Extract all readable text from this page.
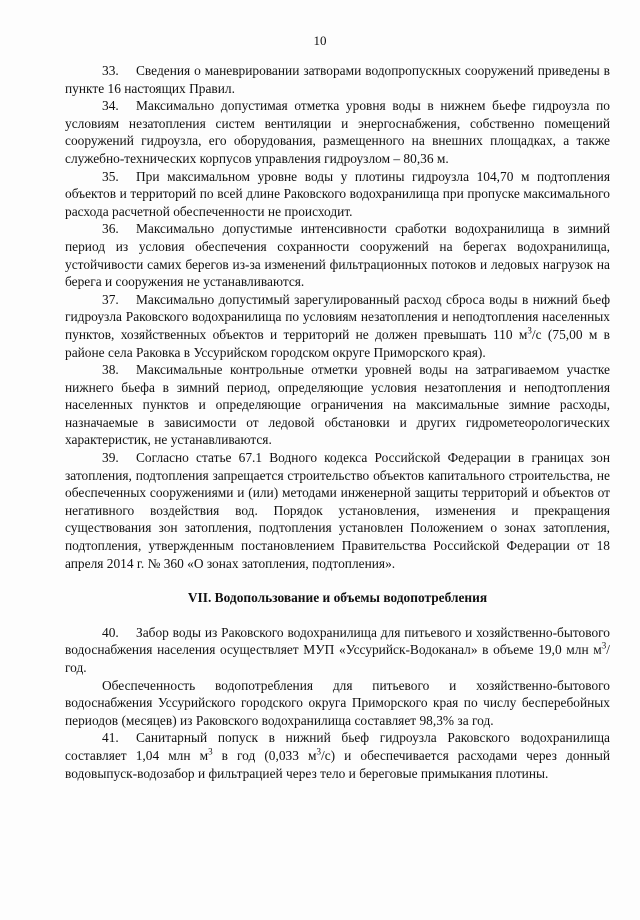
10

33. Сведения о маневрировании затворами водопропускных сооружений приведены в пункте 16 настоящих Правил.

34. Максимально допустимая отметка уровня воды в нижнем бьефе гидроузла по условиям незатопления систем вентиляции и энергоснабжения, собственно помещений сооружений гидроузла, его оборудования, размещенного на внешних площадках, а также служебно-технических корпусов управления гидроузлом – 80,36 м.

35. При максимальном уровне воды у плотины гидроузла 104,70 м подтопления объектов и территорий по всей длине Раковского водохранилища при пропуске максимального расхода расчетной обеспеченности не происходит.

36. Максимально допустимые интенсивности сработки водохранилища в зимний период из условия обеспечения сохранности сооружений на берегах водохранилища, устойчивости самих берегов из-за изменений фильтрационных потоков и ледовых нагрузок на берега и сооружения не устанавливаются.

37. Максимально допустимый зарегулированный расход сброса воды в нижний бьеф гидроузла Раковского водохранилища по условиям незатопления и неподтопления населенных пунктов, хозяйственных объектов и территорий не должен превышать 110 $м^3/с$ (75,00 м в районе села Раковка в Уссурийском городском округе Приморского края).

38. Максимальные контрольные отметки уровней воды на затрагиваемом участке нижнего бьефа в зимний период, определяющие условия незатопления и неподтопления населенных пунктов и определяющие ограничения на максимальные зимние расходы, назначаемые в зависимости от ледовой обстановки и других гидрометеорологических характеристик, не устанавливаются.

39. Согласно статье 67.1 Водного кодекса Российской Федерации в границах зон затопления, подтопления запрещается строительство объектов капитального строительства, не обеспеченных сооружениями и (или) методами инженерной защиты территорий и объектов от негативного воздействия вод. Порядок установления, изменения и прекращения существования зон затопления, подтопления установлен Положением о зонах затопления, подтопления, утвержденным постановлением Правительства Российской Федерации от 18 апреля 2014 г. № 360 «О зонах затопления, подтопления».

VII. Водопользование и объемы водопотребления

40. Забор воды из Раковского водохранилища для питьевого и хозяйственно-бытового водоснабжения населения осуществляет МУП «Уссурийск-Водоканал» в объеме 19,0 млн $м^3$/год.

Обеспеченность водопотребления для питьевого и хозяйственно-бытового водоснабжения Уссурийского городского округа Приморского края по числу бесперебойных периодов (месяцев) из Раковского водохранилища составляет 98,3% за год.

41. Санитарный попуск в нижний бьеф гидроузла Раковского водохранилища составляет 1,04 млн $м^3$ в год (0,033 $м^3/с$) и обеспечивается расходами через донный водовыпуск-водозабор и фильтрацией через тело и береговые примыкания плотины.
